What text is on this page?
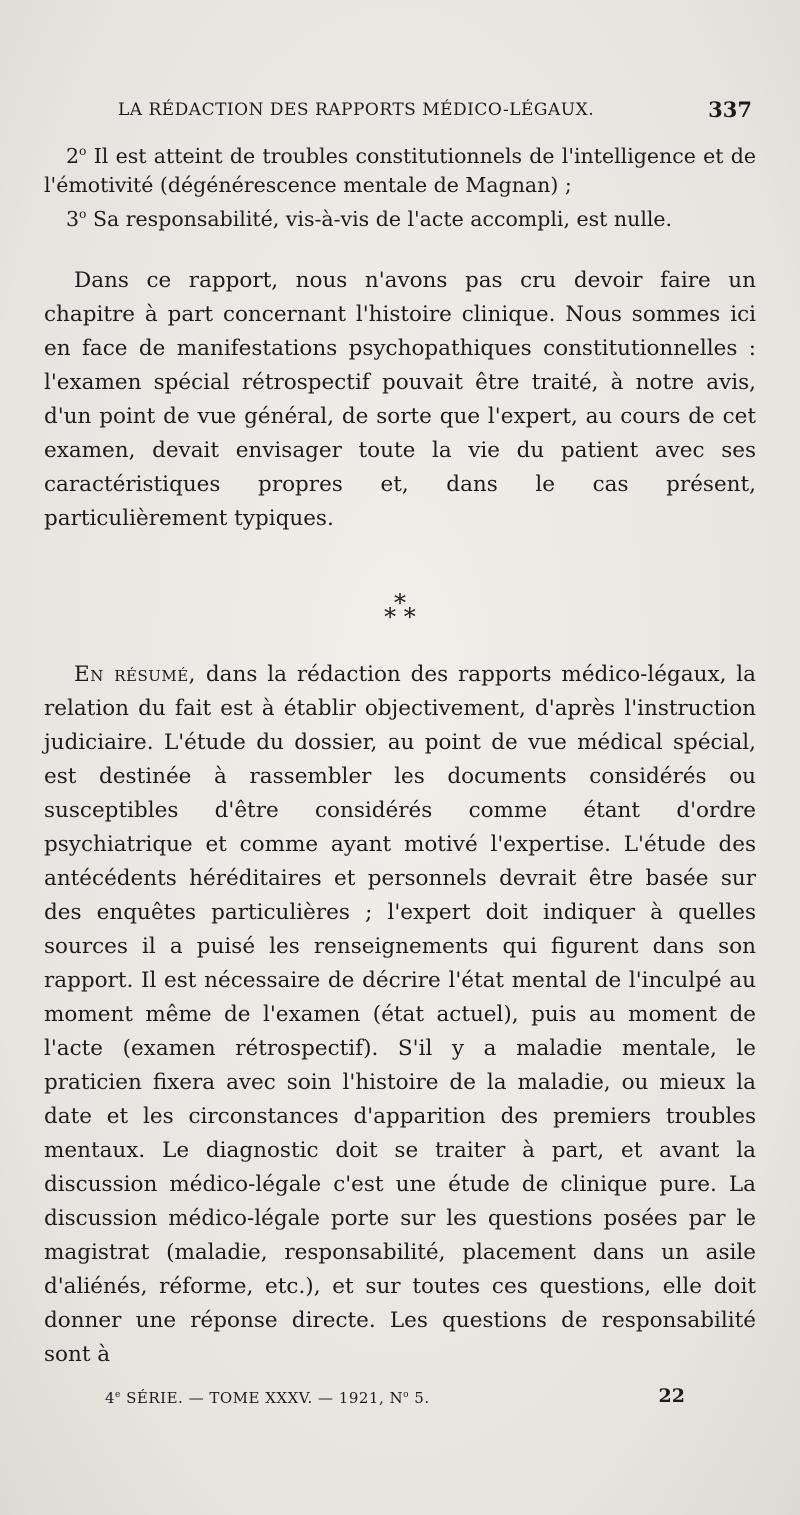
LA RÉDACTION DES RAPPORTS MÉDICO-LÉGAUX.	337
2$^o$ Il est atteint de troubles constitutionnels de l'intelligence et de l'émotivité (dégénérescence mentale de Magnan) ;
3$^o$ Sa responsabilité, vis-à-vis de l'acte accompli, est nulle.

Dans ce rapport, nous n'avons pas cru devoir faire un chapitre à part concernant l'histoire clinique. Nous sommes ici en face de manifestations psychopathiques constitutionnelles : l'examen spécial rétrospectif pouvait être traité, à notre avis, d'un point de vue général, de sorte que l'expert, au cours de cet examen, devait envisager toute la vie du patient avec ses caractéristiques propres et, dans le cas présent, particulièrement typiques.

*
* *

En résumé, dans la rédaction des rapports médico-légaux, la relation du fait est à établir objectivement, d'après l'instruction judiciaire. L'étude du dossier, au point de vue médical spécial, est destinée à rassembler les documents considérés ou susceptibles d'être considérés comme étant d'ordre psychiatrique et comme ayant motivé l'expertise. L'étude des antécédents héréditaires et personnels devrait être basée sur des enquêtes particulières ; l'expert doit indiquer à quelles sources il a puisé les renseignements qui figurent dans son rapport. Il est nécessaire de décrire l'état mental de l'inculpé au moment même de l'examen (état actuel), puis au moment de l'acte (examen rétrospectif). S'il y a maladie mentale, le praticien fixera avec soin l'histoire de la maladie, ou mieux la date et les circonstances d'apparition des premiers troubles mentaux. Le diagnostic doit se traiter à part, et avant la discussion médico-légale c'est une étude de clinique pure. La discussion médico-légale porte sur les questions posées par le magistrat (maladie, responsabilité, placement dans un asile d'aliénés, réforme, etc.), et sur toutes ces questions, elle doit donner une réponse directe. Les questions de responsabilité sont à

4e SÉRIE. — TOME XXXV. — 1921, $N^o$ 5.	22
